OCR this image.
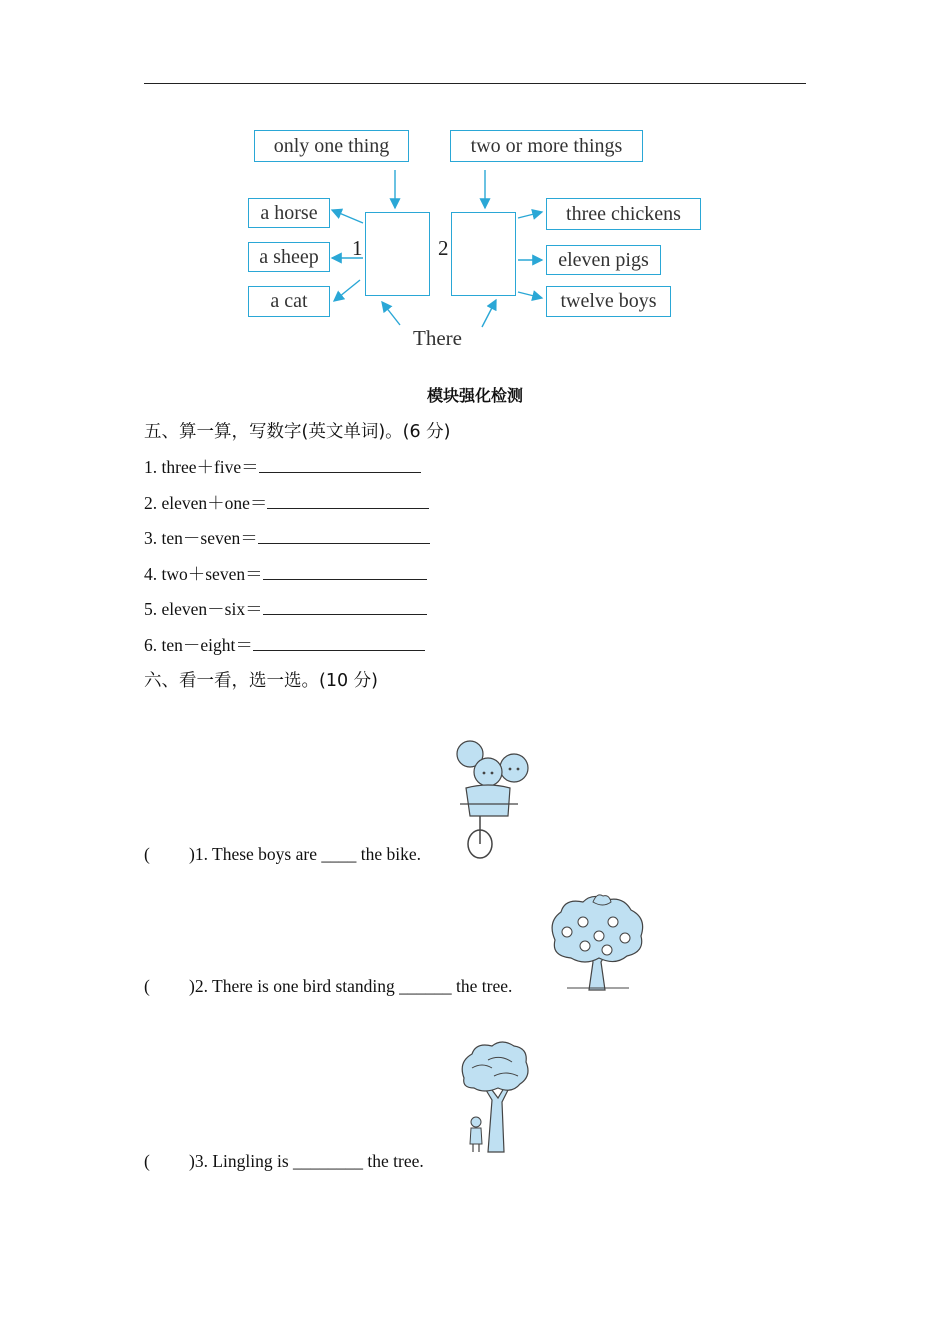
only one thing	two or more things
1	2
a horse
a sheep
a cat
three chickens
eleven pigs
twelve boys
There
模块强化检测
五、算一算，写数字(英文单词)。(6 分)
1. three＋five＝
2. eleven＋one＝
3. ten－seven＝
4. two＋seven＝
5. eleven－six＝
6. ten－eight＝
六、看一看，选一选。(10 分)
( )1. These boys are ____ the bike.
( )2. There is one bird standing ______ the tree.
( )3. Lingling is ________ the tree.
